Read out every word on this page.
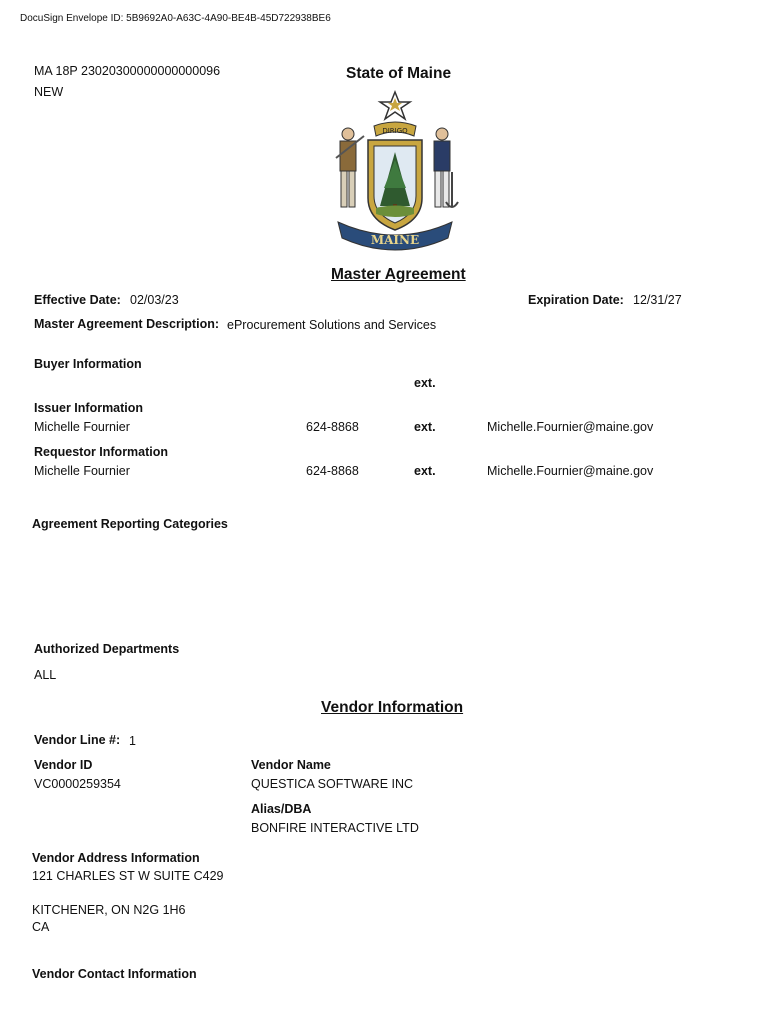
DocuSign Envelope ID: 5B9692A0-A63C-4A90-BE4B-45D722938BE6
MA 18P 23020300000000000096
NEW
State of Maine
DIRIGO
MAINE
Master Agreement
Effective Date: 02/03/23	Expiration Date: 12/31/27
Master Agreement Description: eProcurement Solutions and Services
Buyer Information
ext.
Issuer Information
Michelle Fournier	624-8868	ext.	Michelle.Fournier@maine.gov
Requestor Information
Michelle Fournier	624-8868	ext.	Michelle.Fournier@maine.gov
Agreement Reporting Categories
Authorized Departments
ALL
Vendor Information
Vendor Line #: 1
Vendor ID
VC0000259354
Vendor Name
QUESTICA SOFTWARE INC
Alias/DBA
BONFIRE INTERACTIVE LTD
Vendor Address Information
121 CHARLES ST W SUITE C429
KITCHENER, ON N2G 1H6
CA
Vendor Contact Information
